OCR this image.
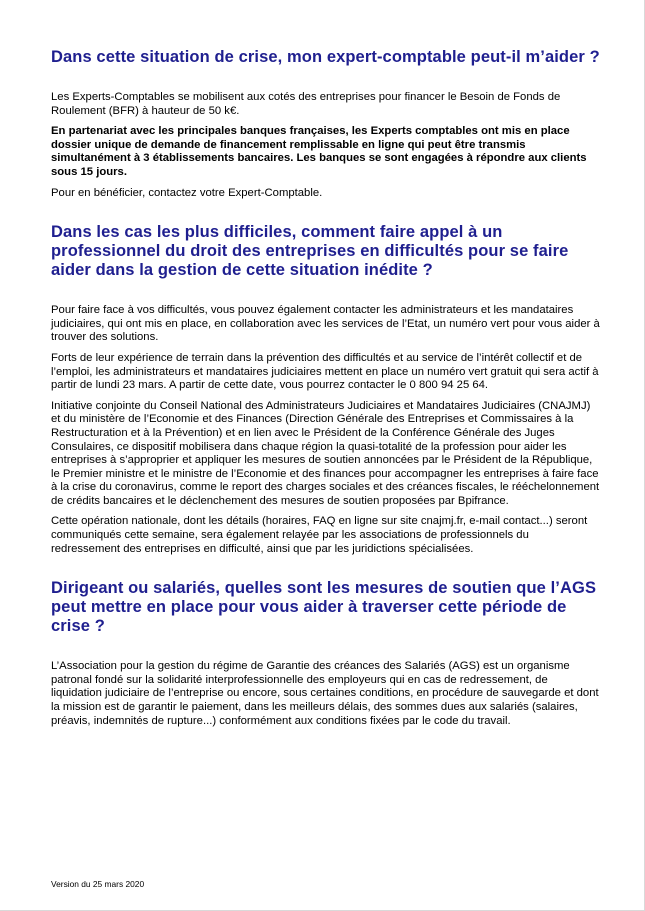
Dans cette situation de crise, mon expert-comptable peut-il m’aider ?

Les Experts-Comptables se mobilisent aux cotés des entreprises pour financer le Besoin de Fonds de Roulement (BFR) à hauteur de 50 k€.

En partenariat avec les principales banques françaises, les Experts comptables ont mis en place dossier unique de demande de financement remplissable en ligne qui peut être transmis simultanément à 3 établissements bancaires. Les banques se sont engagées à répondre aux clients sous 15 jours.

Pour en bénéficier, contactez votre Expert-Comptable.

Dans les cas les plus difficiles, comment faire appel à un professionnel du droit des entreprises en difficultés pour se faire aider dans la gestion de cette situation inédite ?

Pour faire face à vos difficultés, vous pouvez également contacter les administrateurs et les mandataires judiciaires, qui ont mis en place, en collaboration avec les services de l’Etat, un numéro vert pour vous aider à trouver des solutions.

Forts de leur expérience de terrain dans la prévention des difficultés et au service de l’intérêt collectif et de l’emploi, les administrateurs et mandataires judiciaires mettent en place un numéro vert gratuit qui sera actif à partir de lundi 23 mars. A partir de cette date, vous pourrez contacter le 0 800 94 25 64.

Initiative conjointe du Conseil National des Administrateurs Judiciaires et Mandataires Judiciaires (CNAJMJ) et du ministère de l’Economie et des Finances (Direction Générale des Entreprises et Commissaires à la Restructuration et à la Prévention) et en lien avec le Président de la Conférence Générale des Juges Consulaires, ce dispositif mobilisera dans chaque région la quasi-totalité de la profession pour aider les entreprises à s’approprier et appliquer les mesures de soutien annoncées par le Président de la République, le Premier ministre et le ministre de l’Economie et des finances pour accompagner les entreprises à faire face à la crise du coronavirus, comme le report des charges sociales et des créances fiscales, le rééchelonnement de crédits bancaires et le déclenchement des mesures de soutien proposées par Bpifrance.

Cette opération nationale, dont les détails (horaires, FAQ en ligne sur site cnajmj.fr, e-mail contact...) seront communiqués cette semaine, sera également relayée par les associations de professionnels du redressement des entreprises en difficulté, ainsi que par les juridictions spécialisées.

Dirigeant ou salariés, quelles sont les mesures de soutien que l’AGS peut mettre en place pour vous aider à traverser cette période de crise ?

L’Association pour la gestion du régime de Garantie des créances des Salariés (AGS) est un organisme patronal fondé sur la solidarité interprofessionnelle des employeurs qui en cas de redressement, de liquidation judiciaire de l’entreprise ou encore, sous certaines conditions, en procédure de sauvegarde et dont la mission est de garantir le paiement, dans les meilleurs délais, des sommes dues aux salariés (salaires, préavis, indemnités de rupture...) conformément aux conditions fixées par le code du travail.

Version du 25 mars 2020
